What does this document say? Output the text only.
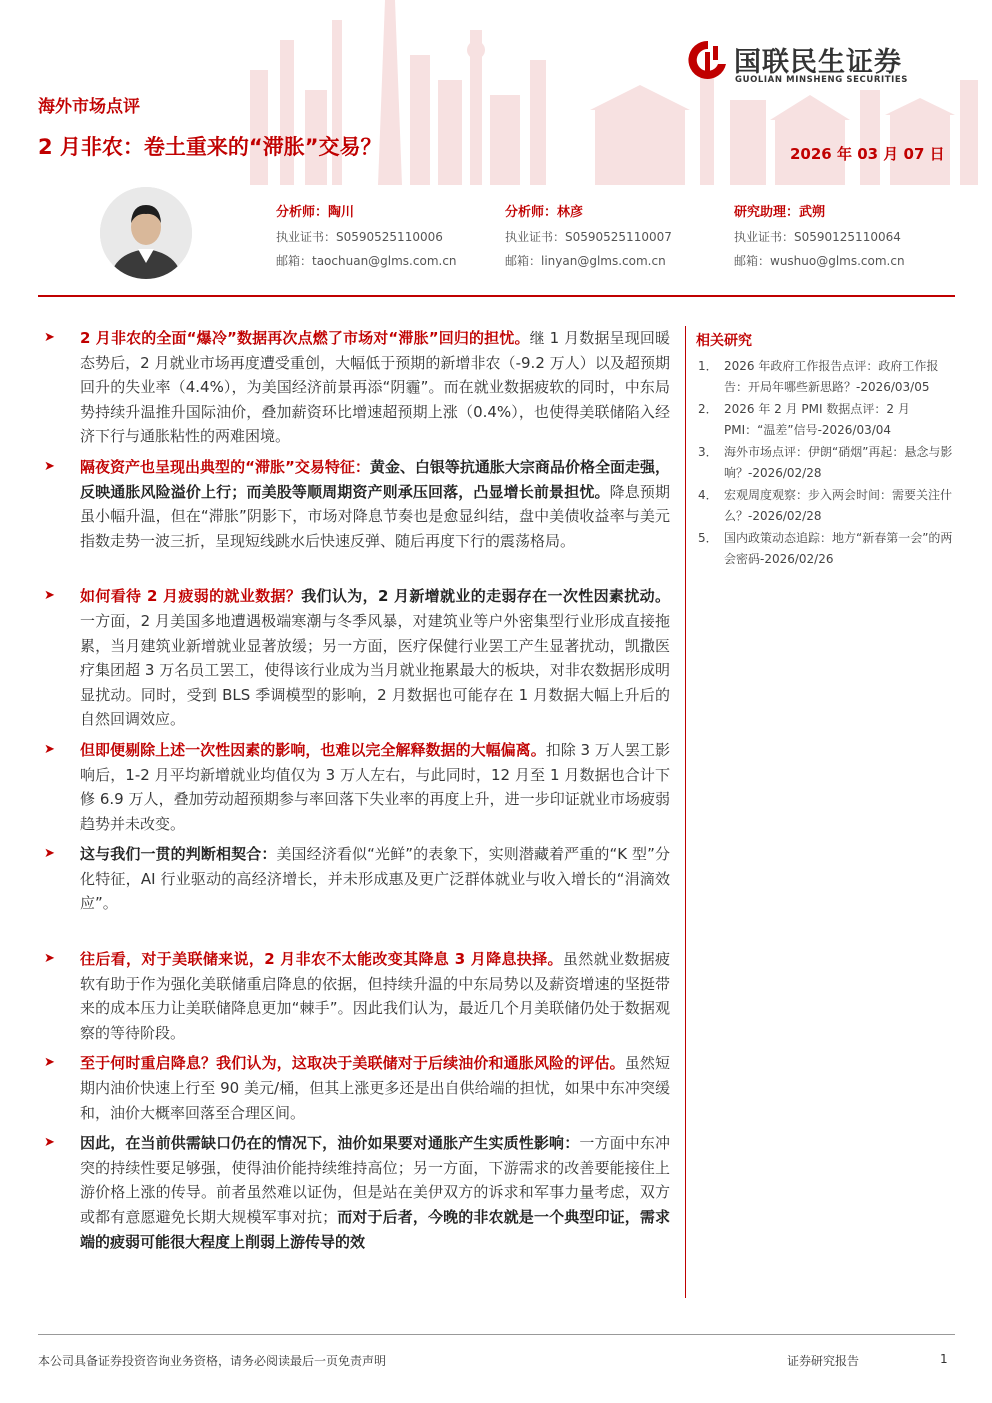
国联民生证券
GUOLIAN MINSHENG SECURITIES
海外市场点评
2 月非农：卷土重来的“滞胀”交易？	2026 年 03 月 07 日
分析师：陶川
执业证书：S0590525110006
邮箱：taochuan@glms.com.cn
分析师：林彦
执业证书：S0590525110007
邮箱：linyan@glms.com.cn
研究助理：武朔
执业证书：S0590125110064
邮箱：wushuo@glms.com.cn
➤ 2 月非农的全面“爆冷”数据再次点燃了市场对“滞胀”回归的担忧。继 1 月数据呈现回暖态势后，2 月就业市场再度遭受重创，大幅低于预期的新增非农（-9.2 万人）以及超预期回升的失业率（4.4%），为美国经济前景再添“阴霾”。而在就业数据疲软的同时，中东局势持续升温推升国际油价，叠加薪资环比增速超预期上涨（0.4%），也使得美联储陷入经济下行与通胀粘性的两难困境。
➤ 隔夜资产也呈现出典型的“滞胀”交易特征：黄金、白银等抗通胀大宗商品价格全面走强，反映通胀风险溢价上行；而美股等顺周期资产则承压回落，凸显增长前景担忧。降息预期虽小幅升温，但在“滞胀”阴影下，市场对降息节奏也是愈显纠结，盘中美债收益率与美元指数走势一波三折，呈现短线跳水后快速反弹、随后再度下行的震荡格局。
➤ 如何看待 2 月疲弱的就业数据？我们认为，2 月新增就业的走弱存在一次性因素扰动。一方面，2 月美国多地遭遇极端寒潮与冬季风暴，对建筑业等户外密集型行业形成直接拖累，当月建筑业新增就业显著放缓；另一方面，医疗保健行业罢工产生显著扰动，凯撒医疗集团超 3 万名员工罢工，使得该行业成为当月就业拖累最大的板块，对非农数据形成明显扰动。同时，受到 BLS 季调模型的影响，2 月数据也可能存在 1 月数据大幅上升后的自然回调效应。
➤ 但即便剔除上述一次性因素的影响，也难以完全解释数据的大幅偏离。扣除 3 万人罢工影响后，1-2 月平均新增就业均值仅为 3 万人左右，与此同时，12 月至 1 月数据也合计下修 6.9 万人，叠加劳动超预期参与率回落下失业率的再度上升，进一步印证就业市场疲弱趋势并未改变。
➤ 这与我们一贯的判断相契合：美国经济看似“光鲜”的表象下，实则潜藏着严重的“K 型”分化特征，AI 行业驱动的高经济增长，并未形成惠及更广泛群体就业与收入增长的“涓滴效应”。
➤ 往后看，对于美联储来说，2 月非农不太能改变其降息 3 月降息抉择。虽然就业数据疲软有助于作为强化美联储重启降息的依据，但持续升温的中东局势以及薪资增速的坚挺带来的成本压力让美联储降息更加“棘手”。因此我们认为，最近几个月美联储仍处于数据观察的等待阶段。
➤ 至于何时重启降息？我们认为，这取决于美联储对于后续油价和通胀风险的评估。虽然短期内油价快速上行至 90 美元/桶，但其上涨更多还是出自供给端的担忧，如果中东冲突缓和，油价大概率回落至合理区间。
➤ 因此，在当前供需缺口仍在的情况下，油价如果要对通胀产生实质性影响：一方面中东冲突的持续性要足够强，使得油价能持续维持高位；另一方面，下游需求的改善要能接住上游价格上涨的传导。前者虽然难以证伪，但是站在美伊双方的诉求和军事力量考虑，双方或都有意愿避免长期大规模军事对抗；而对于后者，今晚的非农就是一个典型印证，需求端的疲弱可能很大程度上削弱上游传导的效
相关研究
1． 2026 年政府工作报告点评：政府工作报告：开局年哪些新思路？-2026/03/05
2． 2026 年 2 月 PMI 数据点评：2 月 PMI：“温差”信号-2026/03/04
3． 海外市场点评：伊朗“硝烟”再起：悬念与影响？-2026/02/28
4． 宏观周度观察：步入两会时间：需要关注什么？-2026/02/28
5． 国内政策动态追踪：地方“新春第一会”的两会密码-2026/02/26
本公司具备证券投资咨询业务资格，请务必阅读最后一页免责声明	证券研究报告	1
